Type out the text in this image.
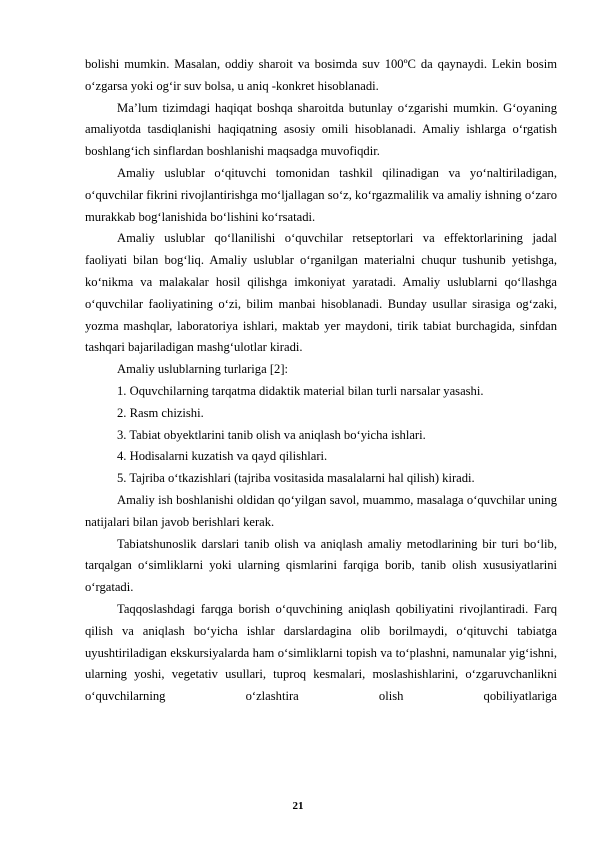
bolishi mumkin. Masalan, oddiy sharoit va bosimda suv 100ºC da qaynaydi. Lekin bosim o‘zgarsa yoki og‘ir suv bolsa, u aniq -konkret hisoblanadi.

Ma’lum tizimdagi haqiqat boshqa sharoitda butunlay o‘zgarishi mumkin. G‘oyaning amaliyotda tasdiqlanishi haqiqatning asosiy omili hisoblanadi. Amaliy ishlarga o‘rgatish boshlang‘ich sinflardan boshlanishi maqsadga muvofiqdir.

Amaliy uslublar o‘qituvchi tomonidan tashkil qilinadigan va yo‘naltiriladigan, o‘quvchilar fikrini rivojlantirishga mo‘ljallagan so‘z, ko‘rgazmalilik va amaliy ishning o‘zaro murakkab bog‘lanishida bo‘lishini ko‘rsatadi.

Amaliy uslublar qo‘llanilishi o‘quvchilar retseptorlari va effektorlarining jadal faoliyati bilan bog‘liq. Amaliy uslublar o‘rganilgan materialni chuqur tushunib yetishga, ko‘nikma va malakalar hosil qilishga imkoniyat yaratadi. Amaliy uslublarni qo‘llashga o‘quvchilar faoliyatining o‘zi, bilim manbai hisoblanadi. Bunday usullar sirasiga og‘zaki, yozma mashqlar, laboratoriya ishlari, maktab yer maydoni, tirik tabiat burchagida, sinfdan tashqari bajariladigan mashg‘ulotlar kiradi.

Amaliy uslublarning turlariga [2]:

1. Oquvchilarning tarqatma didaktik material bilan turli narsalar yasashi.

2. Rasm chizishi.

3. Tabiat obyektlarini tanib olish va aniqlash bo‘yicha ishlari.

4. Hodisalarni kuzatish va qayd qilishlari.

5. Tajriba o‘tkazishlari (tajriba vositasida masalalarni hal qilish) kiradi.

Amaliy ish boshlanishi oldidan qo‘yilgan savol, muammo, masalaga o‘quvchilar uning natijalari bilan javob berishlari kerak.

Tabiatshunoslik darslari tanib olish va aniqlash amaliy metodlarining bir turi bo‘lib, tarqalgan o‘simliklarni yoki ularning qismlarini farqiga borib, tanib olish xususiyatlarini o‘rgatadi.

Taqqoslashdagi farqga borish o‘quvchining aniqlash qobiliyatini rivojlantiradi. Farq qilish va aniqlash bo‘yicha ishlar darslardagina olib borilmaydi, o‘qituvchi tabiatga uyushtiriladigan ekskursiyalarda ham o‘simliklarni topish va to‘plashni, namunalar yig‘ishni, ularning yoshi, vegetativ usullari, tuproq kesmalari, moslashishlarini, o‘zgaruvchanlikni o‘quvchilarning o‘zlashtira olish qobiliyatlariga

21
